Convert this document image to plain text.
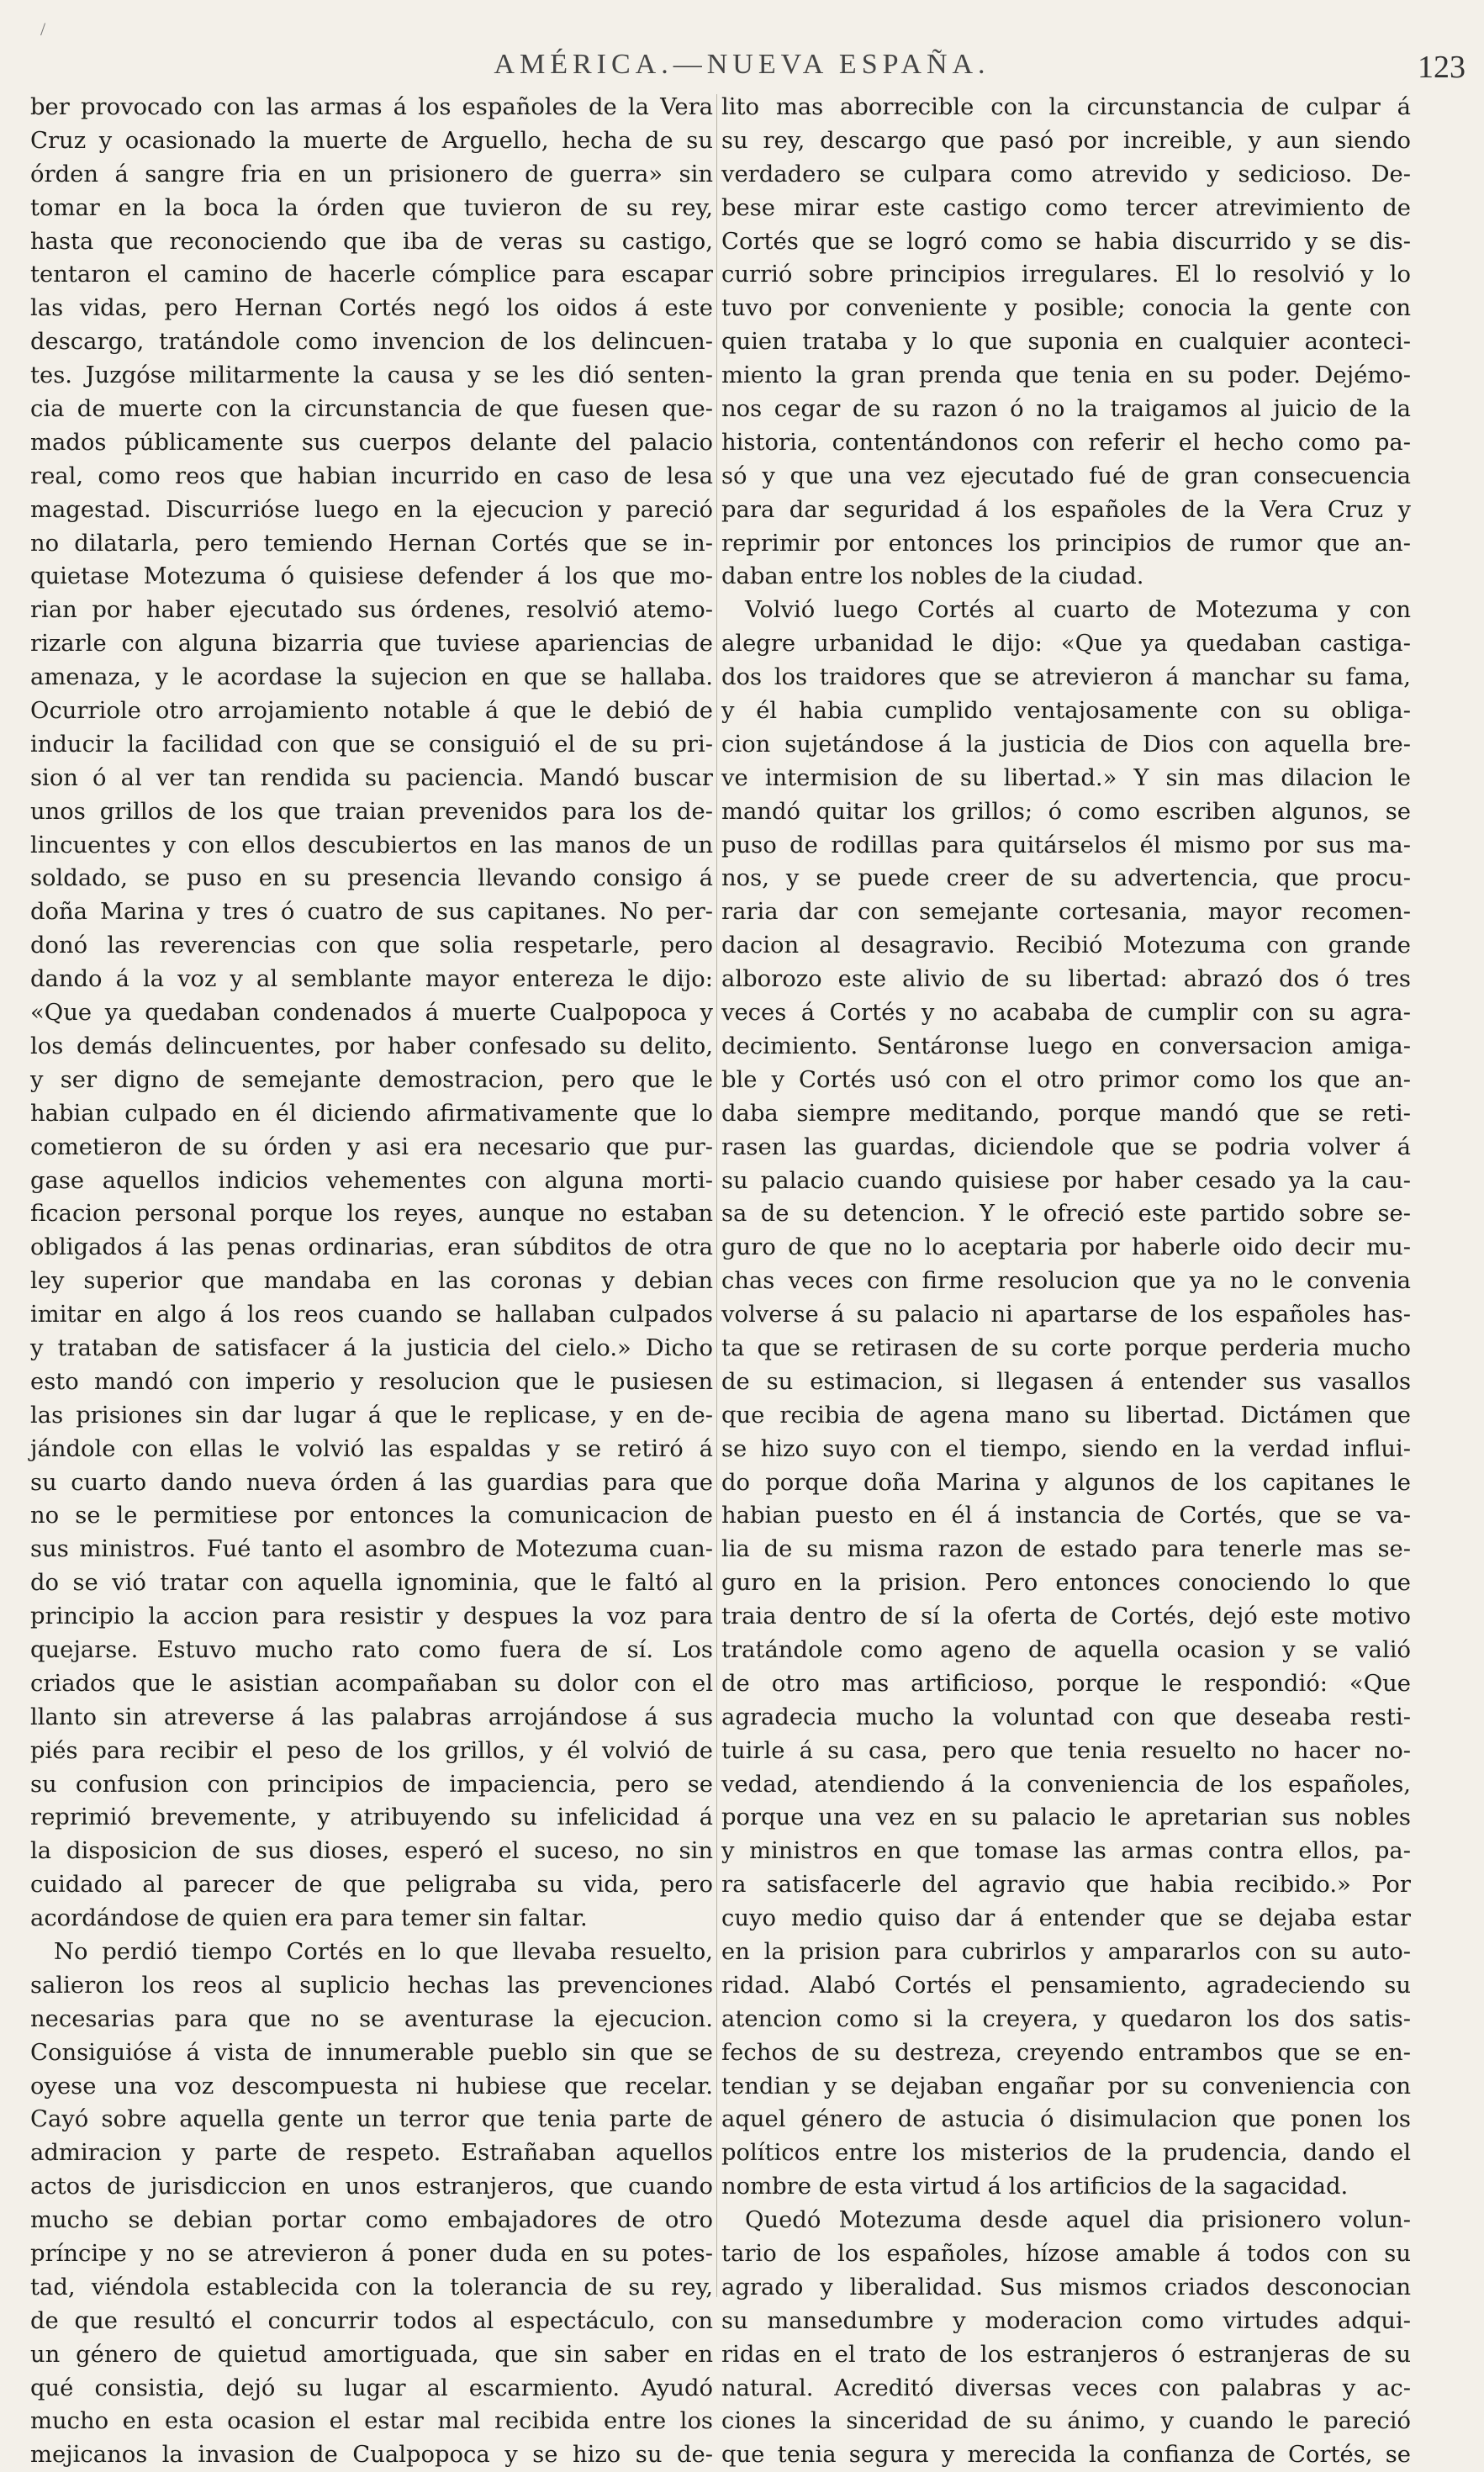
/
AMÉRICA.—NUEVA ESPAÑA.	123
ber provocado con las armas á los españoles de la Vera
Cruz y ocasionado la muerte de Arguello, hecha de su
órden á sangre fria en un prisionero de guerra» sin
tomar en la boca la órden que tuvieron de su rey,
hasta que reconociendo que iba de veras su castigo,
tentaron el camino de hacerle cómplice para escapar
las vidas, pero Hernan Cortés negó los oidos á este
descargo, tratándole como invencion de los delincuen-
tes. Juzgóse militarmente la causa y se les dió senten-
cia de muerte con la circunstancia de que fuesen que-
mados públicamente sus cuerpos delante del palacio
real, como reos que habian incurrido en caso de lesa
magestad. Discurrióse luego en la ejecucion y pareció
no dilatarla, pero temiendo Hernan Cortés que se in-
quietase Motezuma ó quisiese defender á los que mo-
rian por haber ejecutado sus órdenes, resolvió atemo-
rizarle con alguna bizarria que tuviese apariencias de
amenaza, y le acordase la sujecion en que se hallaba.
Ocurriole otro arrojamiento notable á que le debió de
inducir la facilidad con que se consiguió el de su pri-
sion ó al ver tan rendida su paciencia. Mandó buscar
unos grillos de los que traian prevenidos para los de-
lincuentes y con ellos descubiertos en las manos de un
soldado, se puso en su presencia llevando consigo á
doña Marina y tres ó cuatro de sus capitanes. No per-
donó las reverencias con que solia respetarle, pero
dando á la voz y al semblante mayor entereza le dijo:
«Que ya quedaban condenados á muerte Cualpopoca y
los demás delincuentes, por haber confesado su delito,
y ser digno de semejante demostracion, pero que le
habian culpado en él diciendo afirmativamente que lo
cometieron de su órden y asi era necesario que pur-
gase aquellos indicios vehementes con alguna morti-
ficacion personal porque los reyes, aunque no estaban
obligados á las penas ordinarias, eran súbditos de otra
ley superior que mandaba en las coronas y debian
imitar en algo á los reos cuando se hallaban culpados
y trataban de satisfacer á la justicia del cielo.» Dicho
esto mandó con imperio y resolucion que le pusiesen
las prisiones sin dar lugar á que le replicase, y en de-
jándole con ellas le volvió las espaldas y se retiró á
su cuarto dando nueva órden á las guardias para que
no se le permitiese por entonces la comunicacion de
sus ministros. Fué tanto el asombro de Motezuma cuan-
do se vió tratar con aquella ignominia, que le faltó al
principio la accion para resistir y despues la voz para
quejarse. Estuvo mucho rato como fuera de sí. Los
criados que le asistian acompañaban su dolor con el
llanto sin atreverse á las palabras arrojándose á sus
piés para recibir el peso de los grillos, y él volvió de
su confusion con principios de impaciencia, pero se
reprimió brevemente, y atribuyendo su infelicidad á
la disposicion de sus dioses, esperó el suceso, no sin
cuidado al parecer de que peligraba su vida, pero
acordándose de quien era para temer sin faltar.
No perdió tiempo Cortés en lo que llevaba resuelto,
salieron los reos al suplicio hechas las prevenciones
necesarias para que no se aventurase la ejecucion.
Consiguióse á vista de innumerable pueblo sin que se
oyese una voz descompuesta ni hubiese que recelar.
Cayó sobre aquella gente un terror que tenia parte de
admiracion y parte de respeto. Estrañaban aquellos
actos de jurisdiccion en unos estranjeros, que cuando
mucho se debian portar como embajadores de otro
príncipe y no se atrevieron á poner duda en su potes-
tad, viéndola establecida con la tolerancia de su rey,
de que resultó el concurrir todos al espectáculo, con
un género de quietud amortiguada, que sin saber en
qué consistia, dejó su lugar al escarmiento. Ayudó
mucho en esta ocasion el estar mal recibida entre los
mejicanos la invasion de Cualpopoca y se hizo su de-
lito mas aborrecible con la circunstancia de culpar á
su rey, descargo que pasó por increible, y aun siendo
verdadero se culpara como atrevido y sedicioso. De-
bese mirar este castigo como tercer atrevimiento de
Cortés que se logró como se habia discurrido y se dis-
currió sobre principios irregulares. El lo resolvió y lo
tuvo por conveniente y posible; conocia la gente con
quien trataba y lo que suponia en cualquier aconteci-
miento la gran prenda que tenia en su poder. Dejémo-
nos cegar de su razon ó no la traigamos al juicio de la
historia, contentándonos con referir el hecho como pa-
só y que una vez ejecutado fué de gran consecuencia
para dar seguridad á los españoles de la Vera Cruz y
reprimir por entonces los principios de rumor que an-
daban entre los nobles de la ciudad.
Volvió luego Cortés al cuarto de Motezuma y con
alegre urbanidad le dijo: «Que ya quedaban castiga-
dos los traidores que se atrevieron á manchar su fama,
y él habia cumplido ventajosamente con su obliga-
cion sujetándose á la justicia de Dios con aquella bre-
ve intermision de su libertad.» Y sin mas dilacion le
mandó quitar los grillos; ó como escriben algunos, se
puso de rodillas para quitárselos él mismo por sus ma-
nos, y se puede creer de su advertencia, que procu-
raria dar con semejante cortesania, mayor recomen-
dacion al desagravio. Recibió Motezuma con grande
alborozo este alivio de su libertad: abrazó dos ó tres
veces á Cortés y no acababa de cumplir con su agra-
decimiento. Sentáronse luego en conversacion amiga-
ble y Cortés usó con el otro primor como los que an-
daba siempre meditando, porque mandó que se reti-
rasen las guardas, diciendole que se podria volver á
su palacio cuando quisiese por haber cesado ya la cau-
sa de su detencion. Y le ofreció este partido sobre se-
guro de que no lo aceptaria por haberle oido decir mu-
chas veces con firme resolucion que ya no le convenia
volverse á su palacio ni apartarse de los españoles has-
ta que se retirasen de su corte porque perderia mucho
de su estimacion, si llegasen á entender sus vasallos
que recibia de agena mano su libertad. Dictámen que
se hizo suyo con el tiempo, siendo en la verdad influi-
do porque doña Marina y algunos de los capitanes le
habian puesto en él á instancia de Cortés, que se va-
lia de su misma razon de estado para tenerle mas se-
guro en la prision. Pero entonces conociendo lo que
traia dentro de sí la oferta de Cortés, dejó este motivo
tratándole como ageno de aquella ocasion y se valió
de otro mas artificioso, porque le respondió: «Que
agradecia mucho la voluntad con que deseaba resti-
tuirle á su casa, pero que tenia resuelto no hacer no-
vedad, atendiendo á la conveniencia de los españoles,
porque una vez en su palacio le apretarian sus nobles
y ministros en que tomase las armas contra ellos, pa-
ra satisfacerle del agravio que habia recibido.» Por
cuyo medio quiso dar á entender que se dejaba estar
en la prision para cubrirlos y ampararlos con su auto-
ridad. Alabó Cortés el pensamiento, agradeciendo su
atencion como si la creyera, y quedaron los dos satis-
fechos de su destreza, creyendo entrambos que se en-
tendian y se dejaban engañar por su conveniencia con
aquel género de astucia ó disimulacion que ponen los
políticos entre los misterios de la prudencia, dando el
nombre de esta virtud á los artificios de la sagacidad.
Quedó Motezuma desde aquel dia prisionero volun-
tario de los españoles, hízose amable á todos con su
agrado y liberalidad. Sus mismos criados desconocian
su mansedumbre y moderacion como virtudes adqui-
ridas en el trato de los estranjeros ó estranjeras de su
natural. Acreditó diversas veces con palabras y ac-
ciones la sinceridad de su ánimo, y cuando le pareció
que tenia segura y merecida la confianza de Cortés, se
